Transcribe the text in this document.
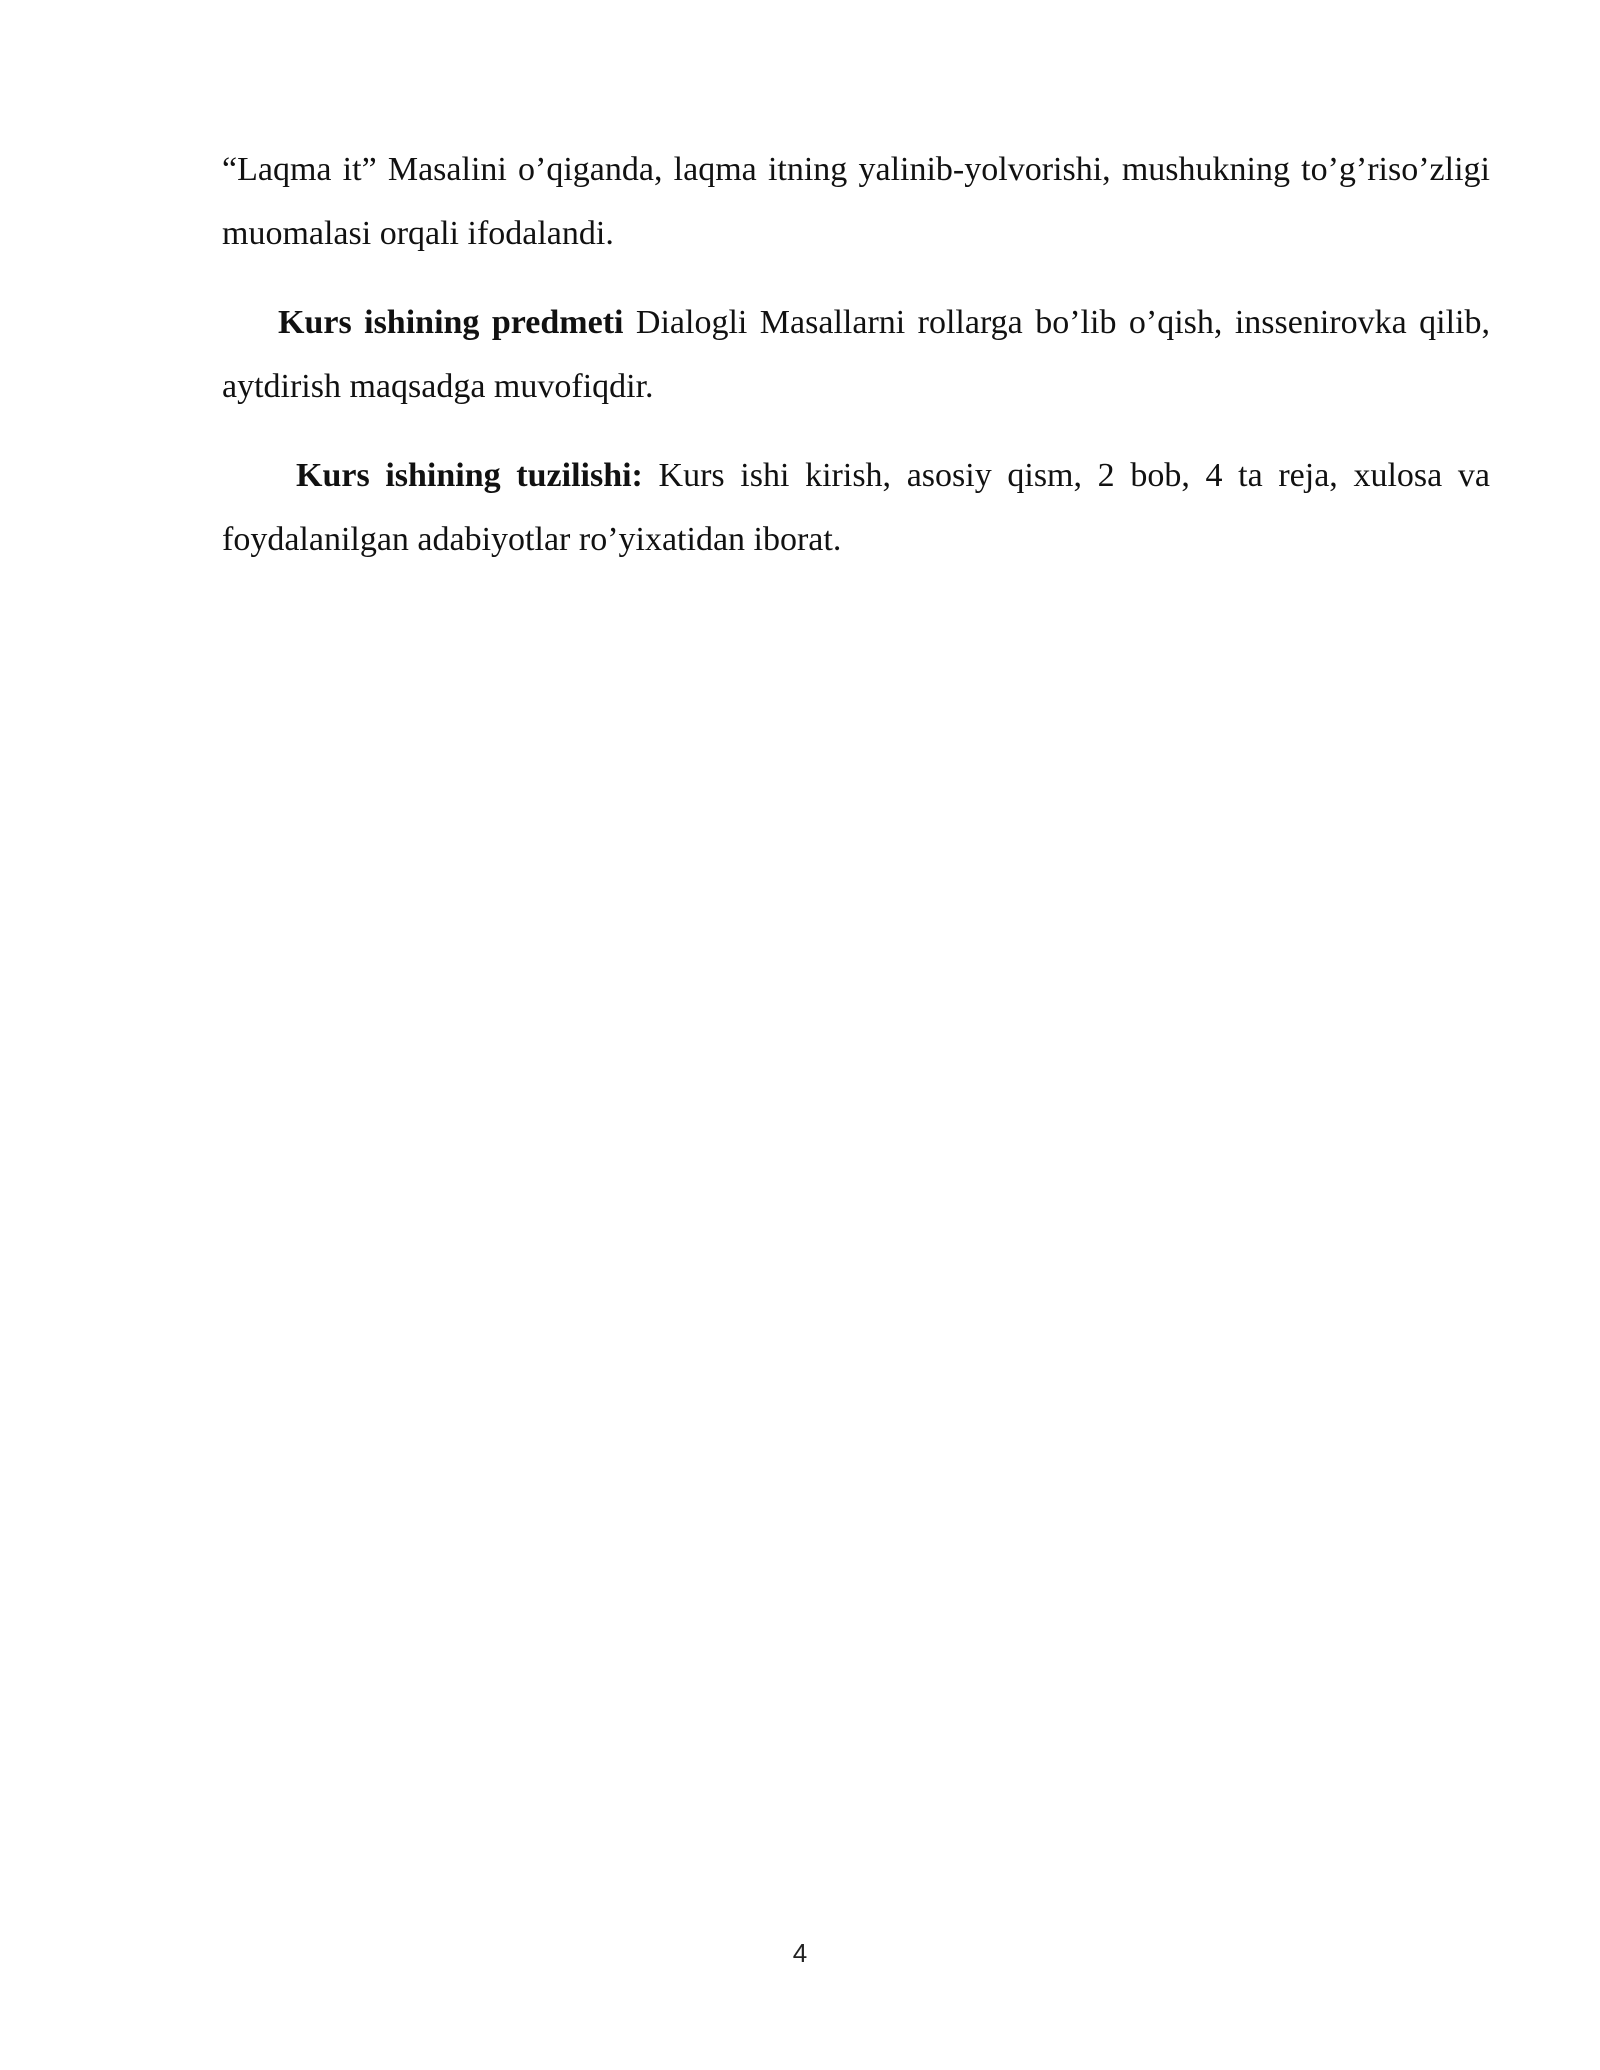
“Laqma it” Masalini o’qiganda, laqma itning yalinib-yolvorishi, mushukning to’g’riso’zligi muomalasi orqali ifodalandi.

Kurs ishining predmeti Dialogli Masallarni rollarga bo’lib o’qish, inssenirovka qilib, aytdirish maqsadga muvofiqdir.

Kurs ishining tuzilishi: Kurs ishi kirish, asosiy qism, 2 bob, 4 ta reja, xulosa va foydalanilgan adabiyotlar ro’yixatidan iborat.

4
